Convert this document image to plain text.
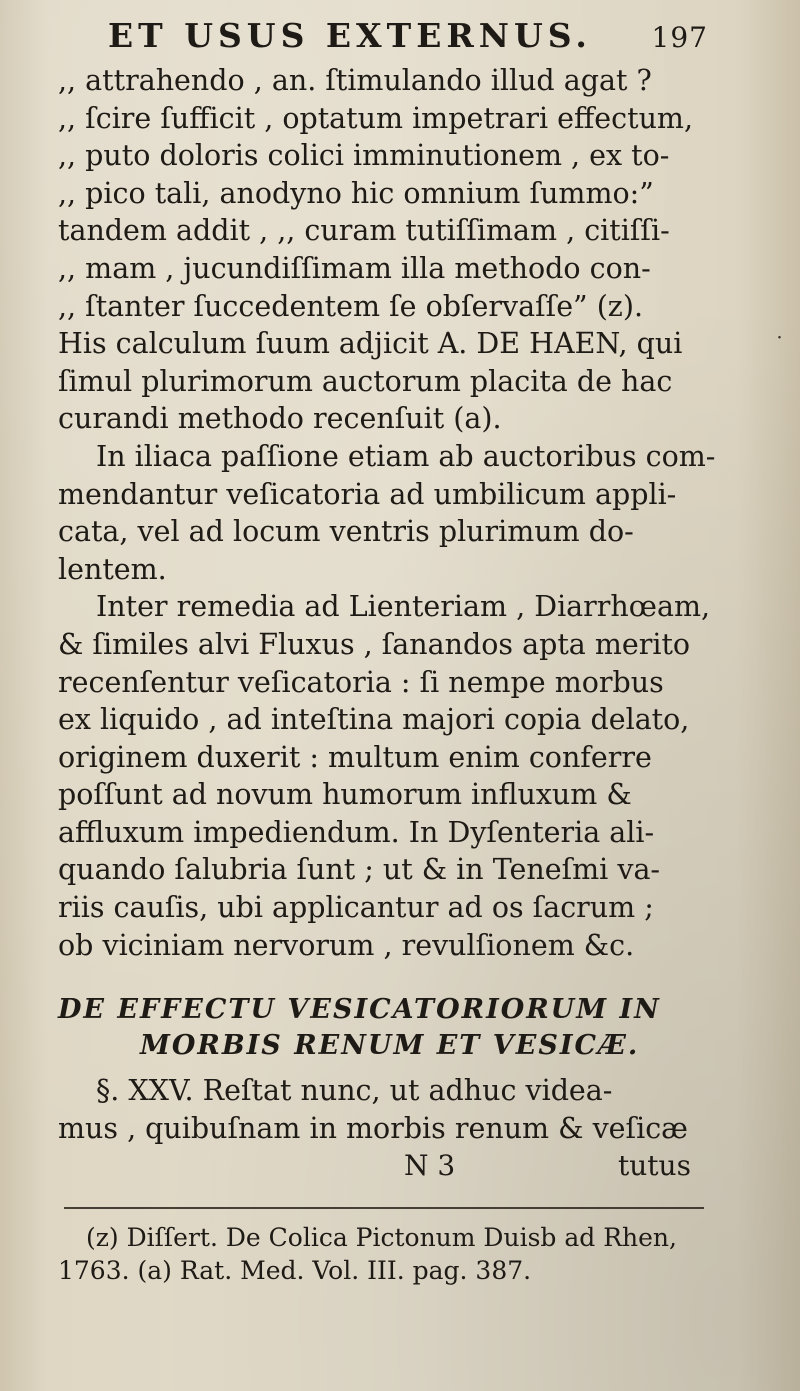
ET USUS EXTERNUS. 197
,, attrahendo , an. ſtimulando illud agat ?
,, ſcire ſufficit , optatum impetrari effectum,
,, puto doloris colici imminutionem , ex to-
,, pico tali, anodyno hic omnium ſummo:”
tandem addit , ,, curam tutiſſimam , citiſſi-
,, mam , jucundiſſimam illa methodo con-
,, ſtanter ſuccedentem ſe obſervaſſe” (z).
His calculum ſuum adjicit A. DE HAEN, qui
ſimul plurimorum auctorum placita de hac
curandi methodo recenſuit (a).
In iliaca paſſione etiam ab auctoribus com-
mendantur veſicatoria ad umbilicum appli-
cata, vel ad locum ventris plurimum do-
lentem.
Inter remedia ad Lienteriam , Diarrhœam,
& ſimiles alvi Fluxus , ſanandos apta merito
recenſentur veſicatoria : ſi nempe morbus
ex liquido , ad inteſtina majori copia delato,
originem duxerit : multum enim conferre
poſſunt ad novum humorum influxum &
affluxum impediendum. In Dyſenteria ali-
quando ſalubria ſunt ; ut & in Teneſmi va-
riis cauſis, ubi applicantur ad os ſacrum ;
ob viciniam nervorum , revulſionem &c.
DE EFFECTU VESICATORIORUM IN
MORBIS RENUM ET VESICÆ.
§. XXV. Reſtat nunc, ut adhuc videa-
mus , quibuſnam in morbis renum & veſicæ
N 3	tutus
(z) Diſſert. De Colica Pictonum Duisb ad Rhen,
1763. (a) Rat. Med. Vol. III. pag. 387.
˙
